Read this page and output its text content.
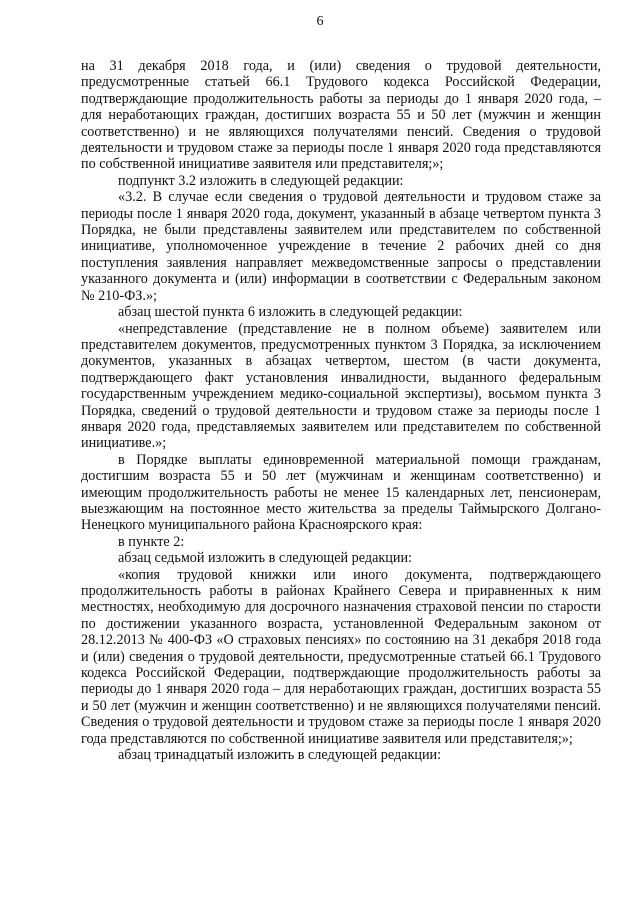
6

на 31 декабря 2018 года, и (или) сведения о трудовой деятельности, предусмотренные статьей 66.1 Трудового кодекса Российской Федерации, подтверждающие продолжительность работы за периоды до 1 января 2020 года, – для неработающих граждан, достигших возраста 55 и 50 лет (мужчин и женщин соответственно) и не являющихся получателями пенсий. Сведения о трудовой деятельности и трудовом стаже за периоды после 1 января 2020 года представляются по собственной инициативе заявителя или представителя;»;

подпункт 3.2 изложить в следующей редакции:

«3.2. В случае если сведения о трудовой деятельности и трудовом стаже за периоды после 1 января 2020 года, документ, указанный в абзаце четвертом пункта 3 Порядка, не были представлены заявителем или представителем по собственной инициативе, уполномоченное учреждение в течение 2 рабочих дней со дня поступления заявления направляет межведомственные запросы о представлении указанного документа и (или) информации в соответствии с Федеральным законом № 210-ФЗ.»;

абзац шестой пункта 6 изложить в следующей редакции:

«непредставление (представление не в полном объеме) заявителем или представителем документов, предусмотренных пунктом 3 Порядка, за исключением документов, указанных в абзацах четвертом, шестом (в части документа, подтверждающего факт установления инвалидности, выданного федеральным государственным учреждением медико-социальной экспертизы), восьмом пункта 3 Порядка, сведений о трудовой деятельности и трудовом стаже за периоды после 1 января 2020 года, представляемых заявителем или представителем по собственной инициативе.»;

в Порядке выплаты единовременной материальной помощи гражданам, достигшим возраста 55 и 50 лет (мужчинам и женщинам соответственно) и имеющим продолжительность работы не менее 15 календарных лет, пенсионерам, выезжающим на постоянное место жительства за пределы Таймырского Долгано-Ненецкого муниципального района Красноярского края:

в пункте 2:

абзац седьмой изложить в следующей редакции:

«копия трудовой книжки или иного документа, подтверждающего продолжительность работы в районах Крайнего Севера и приравненных к ним местностях, необходимую для досрочного назначения страховой пенсии по старости по достижении указанного возраста, установленной Федеральным законом от 28.12.2013 № 400-ФЗ «О страховых пенсиях» по состоянию на 31 декабря 2018 года и (или) сведения о трудовой деятельности, предусмотренные статьей 66.1 Трудового кодекса Российской Федерации, подтверждающие продолжительность работы за периоды до 1 января 2020 года – для неработающих граждан, достигших возраста 55 и 50 лет (мужчин и женщин соответственно) и не являющихся получателями пенсий. Сведения о трудовой деятельности и трудовом стаже за периоды после 1 января 2020 года представляются по собственной инициативе заявителя или представителя;»;

абзац тринадцатый изложить в следующей редакции:
